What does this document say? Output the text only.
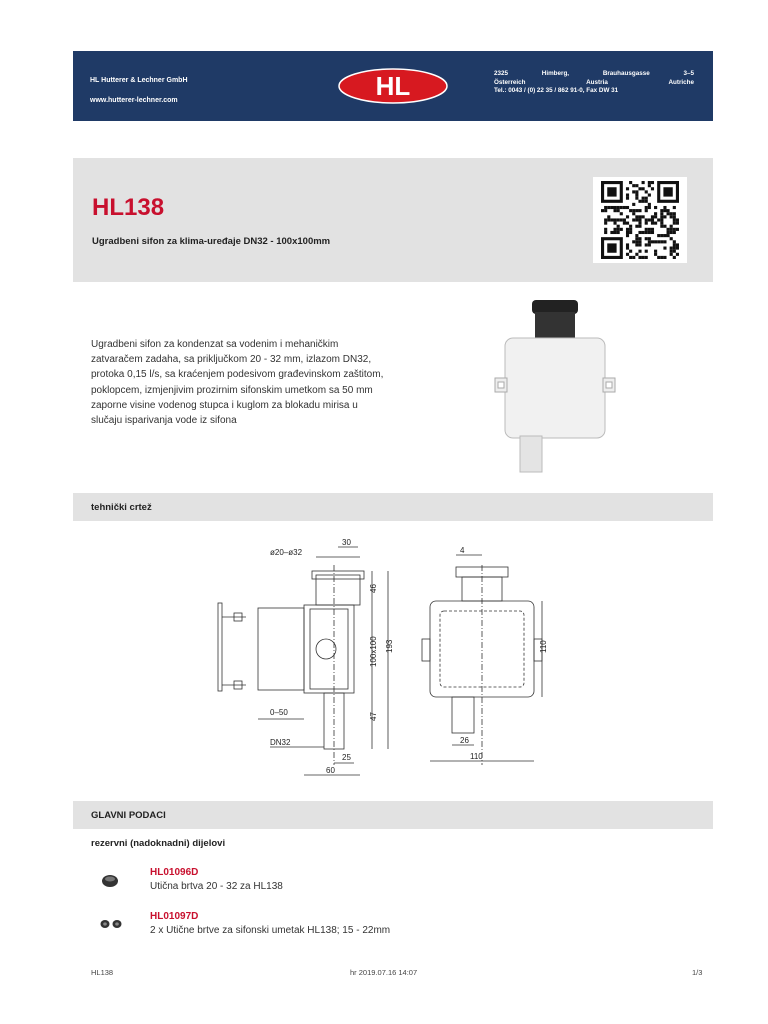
HL Hutterer & Lechner GmbH
www.hutterer-lechner.com	HL	2325	Himberg,	Brauhausgasse	3–5
Österreich	Austria	Autriche
Tel.: 0043 / (0) 22 35 / 862 91-0, Fax DW 31
HL138
Ugradbeni sifon za klima-uređaje DN32 - 100x100mm
Ugradbeni sifon za kondenzat sa vodenim i mehaničkim zatvaračem zadaha, sa priključkom 20 - 32 mm, izlazom DN32, protoka 0,15 l/s, sa kraćenjem podesivom građevinskom zaštitom, poklopcem, izmjenjivim prozirnim sifonskim umetkom sa 50 mm zaporne visine vodenog stupca i kuglom za blokadu mirisa u slučaju isparivanja vode iz sifona
tehnički crtež
ø20–ø32
30
46
100x100 193
47
0–50
DN32
25
60
4
110
26
110
GLAVNI PODACI
rezervni (nadoknadni) dijelovi
HL01096D
Utična brtva 20 - 32 za HL138
HL01097D
2 x Utične brtve za sifonski umetak HL138; 15 - 22mm
HL138	hr 2019.07.16 14:07	1/3
